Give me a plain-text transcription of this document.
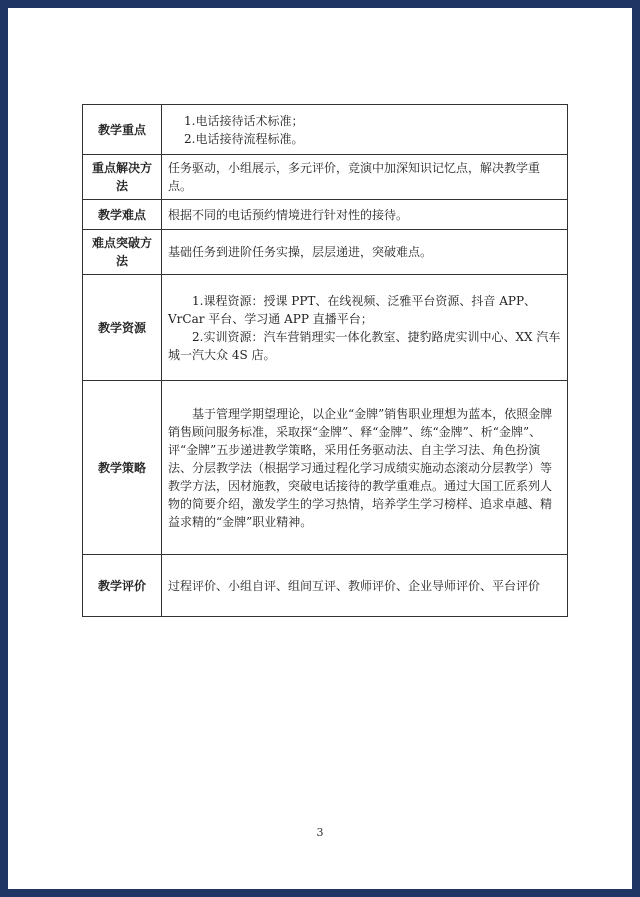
教学重点	1.电话接待话术标准；

2.电话接待流程标准。

重点解决方法	任务驱动，小组展示，多元评价，竞演中加深知识记忆点，解决教学重点。

教学难点	根据不同的电话预约情境进行针对性的接待。

难点突破方法	基础任务到进阶任务实操，层层递进，突破难点。

教学资源	1.课程资源：授课 PPT、在线视频、泛雅平台资源、抖音 APP、VrCar 平台、学习通 APP 直播平台；

2.实训资源：汽车营销理实一体化教室、捷豹路虎实训中心、XX 汽车城一汽大众 4S 店。

教学策略	基于管理学期望理论，以企业“金牌”销售职业理想为蓝本，依照金牌销售顾问服务标准，采取探“金牌”、释“金牌”、练“金牌”、析“金牌”、评“金牌”五步递进教学策略，采用任务驱动法、自主学习法、角色扮演法、分层教学法（根据学习通过程化学习成绩实施动态滚动分层教学）等教学方法，因材施教，突破电话接待的教学重难点。通过大国工匠系列人物的简要介绍，激发学生的学习热情，培养学生学习榜样、追求卓越、精益求精的“金牌”职业精神。

教学评价	过程评价、小组自评、组间互评、教师评价、企业导师评价、平台评价

3
